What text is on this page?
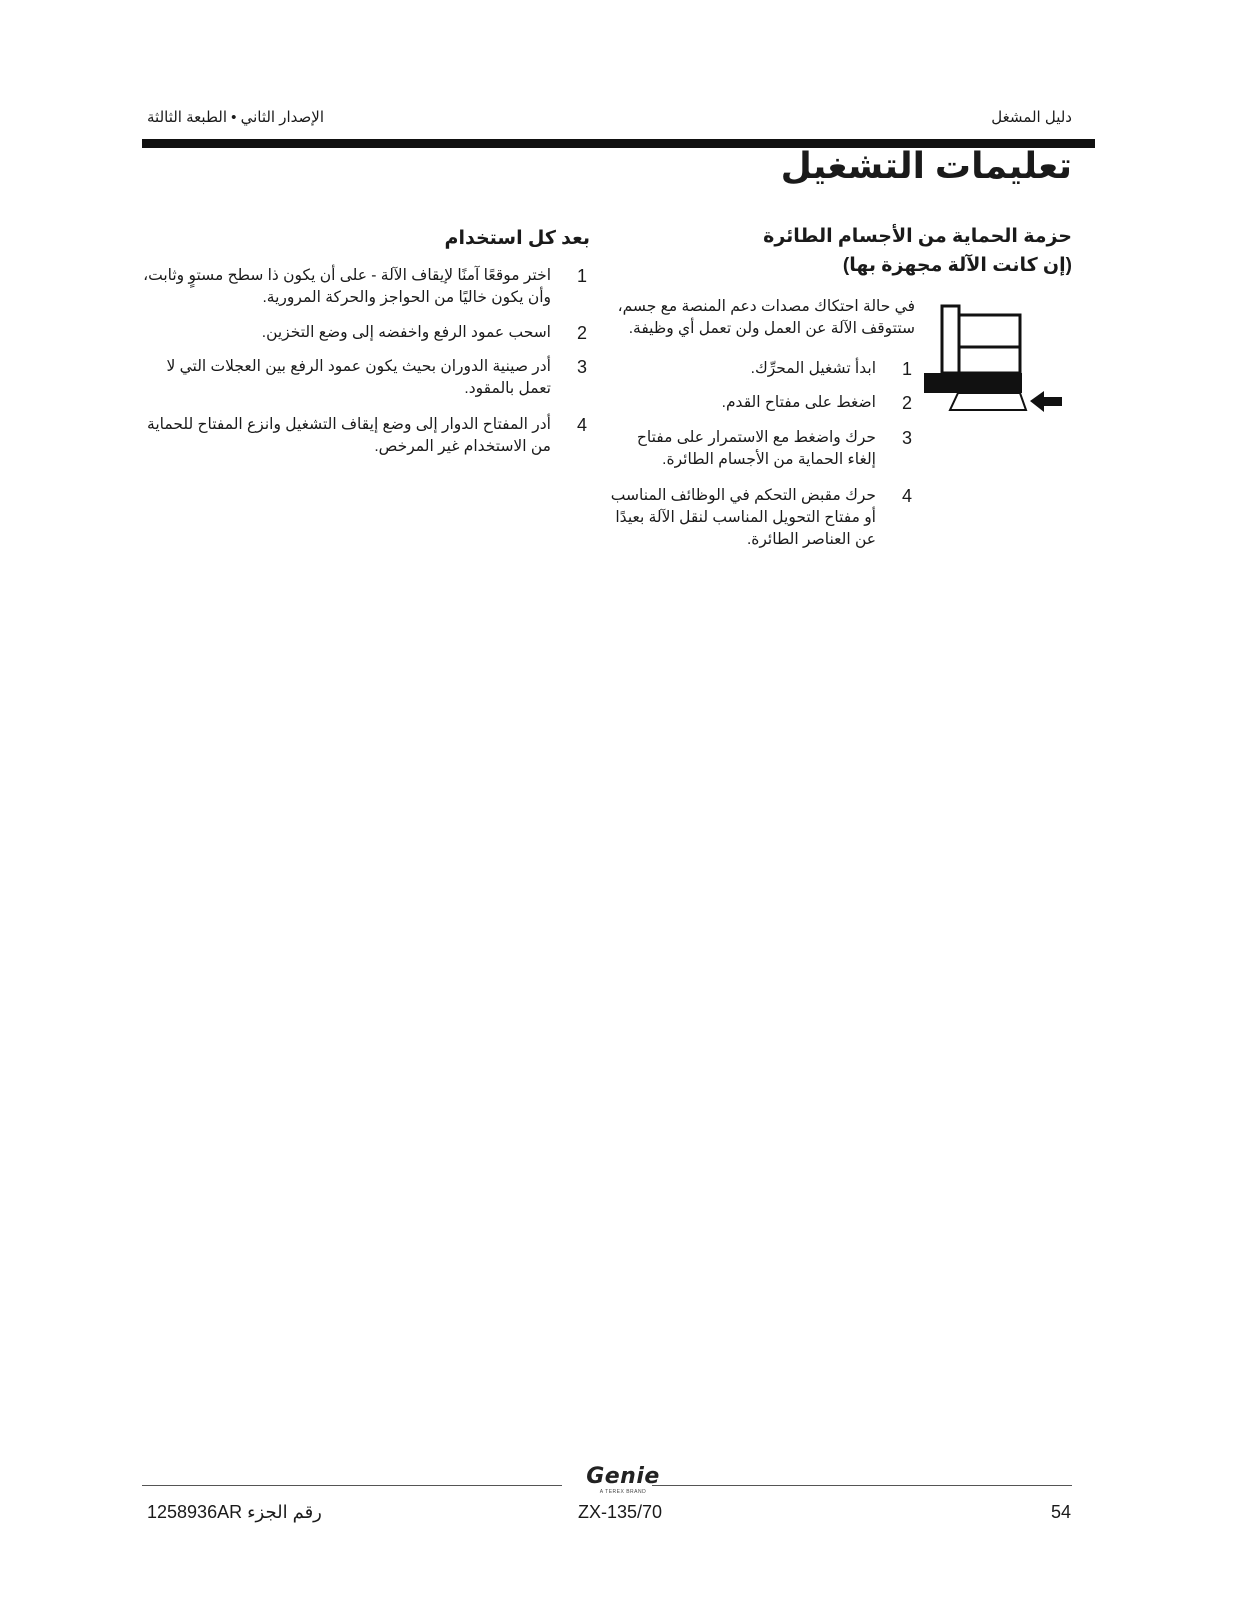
دليل المشغل
الإصدار الثاني • الطبعة الثالثة
تعليمات التشغيل
حزمة الحماية من الأجسام الطائرة
(إن كانت الآلة مجهزة بها)
في حالة احتكاك مصدات دعم المنصة مع جسم،
ستتوقف الآلة عن العمل ولن تعمل أي وظيفة.
1
ابدأ تشغيل المحرِّك.
2
اضغط على مفتاح القدم.
3
حرك واضغط مع الاستمرار على مفتاح
إلغاء الحماية من الأجسام الطائرة.
4
حرك مقبض التحكم في الوظائف المناسب
أو مفتاح التحويل المناسب لنقل الآلة بعيدًا
عن العناصر الطائرة.
بعد كل استخدام
1
اختر موقعًا آمنًا لإيقاف الآلة - على أن يكون ذا سطح مستوٍ وثابت،
وأن يكون خاليًا من الحواجز والحركة المرورية.
2
اسحب عمود الرفع واخفضه إلى وضع التخزين.
3
أدر صينية الدوران بحيث يكون عمود الرفع بين العجلات التي لا
تعمل بالمقود.
4
أدر المفتاح الدوار إلى وضع إيقاف التشغيل وانزع المفتاح للحماية
من الاستخدام غير المرخص.
Genie
A TEREX BRAND
رقم الجزء 1258936AR	ZX-135/70	54
